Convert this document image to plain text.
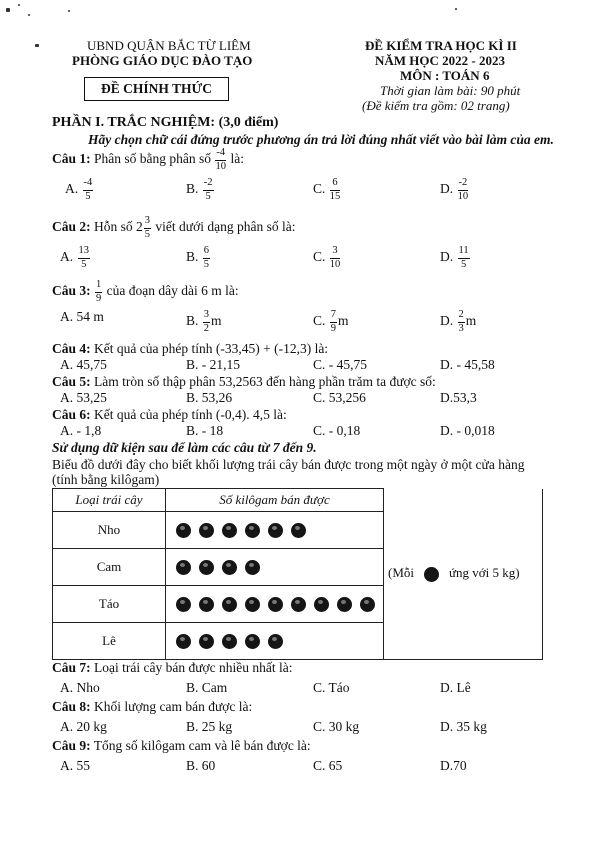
UBND QUẬN BẮC TỪ LIÊM
PHÒNG GIÁO DỤC ĐÀO TẠO
ĐỀ CHÍNH THỨC
ĐỀ KIỂM TRA HỌC KÌ II
NĂM HỌC 2022 - 2023
MÔN : TOÁN 6
Thời gian làm bài: 90 phút
(Đề kiểm tra gồm: 02 trang)
PHẦN I. TRẮC NGHIỆM: (3,0 điểm)
Hãy chọn chữ cái đứng trước phương án trả lời đúng nhất viết vào bài làm của em.
Câu 1: Phân số bằng phân số $\frac{-4}{10}$ là:
A. $\frac{-4}{5}$	B. $\frac{-2}{5}$	C. $\frac{6}{15}$	D. $\frac{-2}{10}$
Câu 2: Hỗn số $2 \frac{3}{5}$ viết dưới dạng phân số là:
A. $\frac{13}{5}$	B. $\frac{6}{5}$	C. $\frac{3}{10}$	D. $\frac{11}{5}$
Câu 3: $\frac{1}{9}$ của đoạn dây dài 6 m là:
A. 54 m	B. $\frac{3}{2}$ m	C. $\frac{7}{9}$ m	D. $\frac{2}{3}$ m
Câu 4: Kết quả của phép tính (-33,45) + (-12,3) là:
A. 45,75	B. - 21,15	C. - 45,75	D. - 45,58
Câu 5: Làm tròn số thập phân 53,2563 đến hàng phần trăm ta được số:
A. 53,25	B. 53,26	C. 53,256	D.53,3
Câu 6: Kết quả của phép tính (-0,4). 4,5 là:
A. - 1,8	B. - 18	C. - 0,18	D. - 0,018
Sử dụng dữ kiện sau để làm các câu từ 7 đến 9.
Biểu đồ dưới đây cho biết khối lượng trái cây bán được trong một ngày ở một cửa hàng
(tính bằng kilôgam)
Loại trái cây	Số kilôgam bán được	(Mỗi ứng với 5 kg)
Nho		
Cam		
Táo		
Lê		
Câu 7: Loại trái cây bán được nhiều nhất là:
A. Nho	B. Cam	C. Táo	D. Lê
Câu 8: Khối lượng cam bán được là:
A. 20 kg	B. 25 kg	C. 30 kg	D. 35 kg
Câu 9: Tổng số kilôgam cam và lê bán được là:
A. 55	B. 60	C. 65	D.70
